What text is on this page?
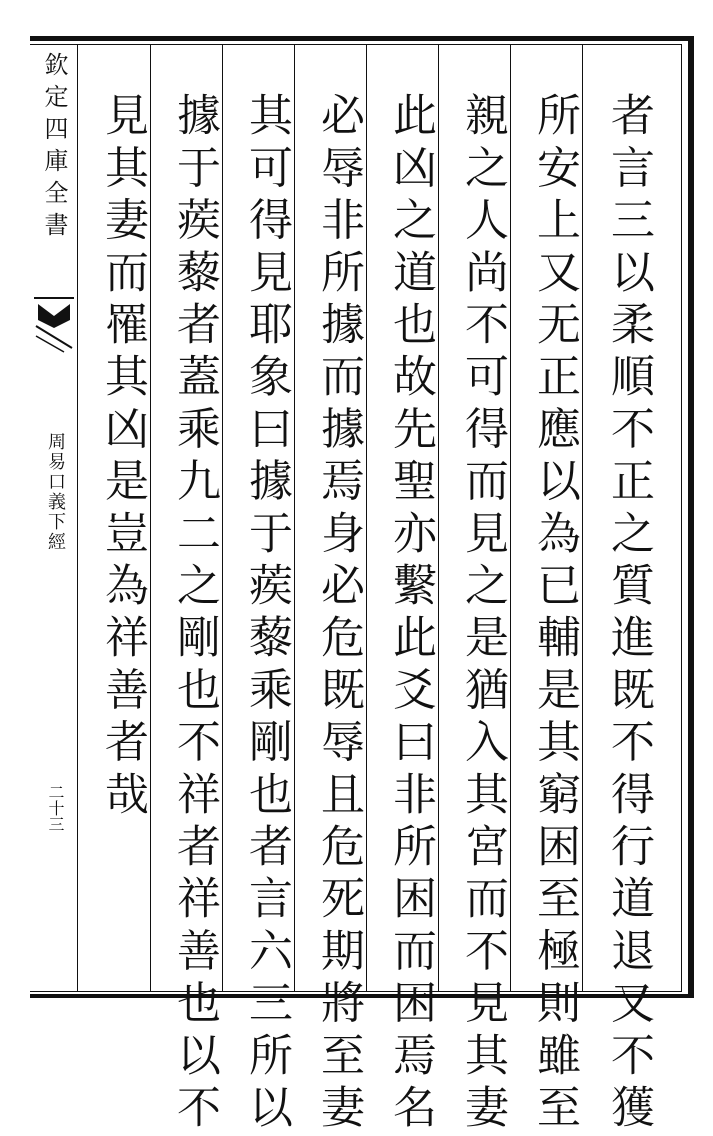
欽定四庫全書
周易口義下經
二十三	者言三以柔順不正之質進既不得行道退又不獲
所安上又无正應以為已輔是其窮困至極則雖至
親之人尚不可得而見之是猶入其宮而不見其妻
此凶之道也故先聖亦繫此爻曰非所困而困焉名
必辱非所據而據焉身必危既辱且危死期將至妻
其可得見耶象曰據于蒺藜乘剛也者言六三所以
據于蒺藜者蓋乘九二之剛也不祥者祥善也以不
見其妻而罹其凶是豈為祥善者哉
